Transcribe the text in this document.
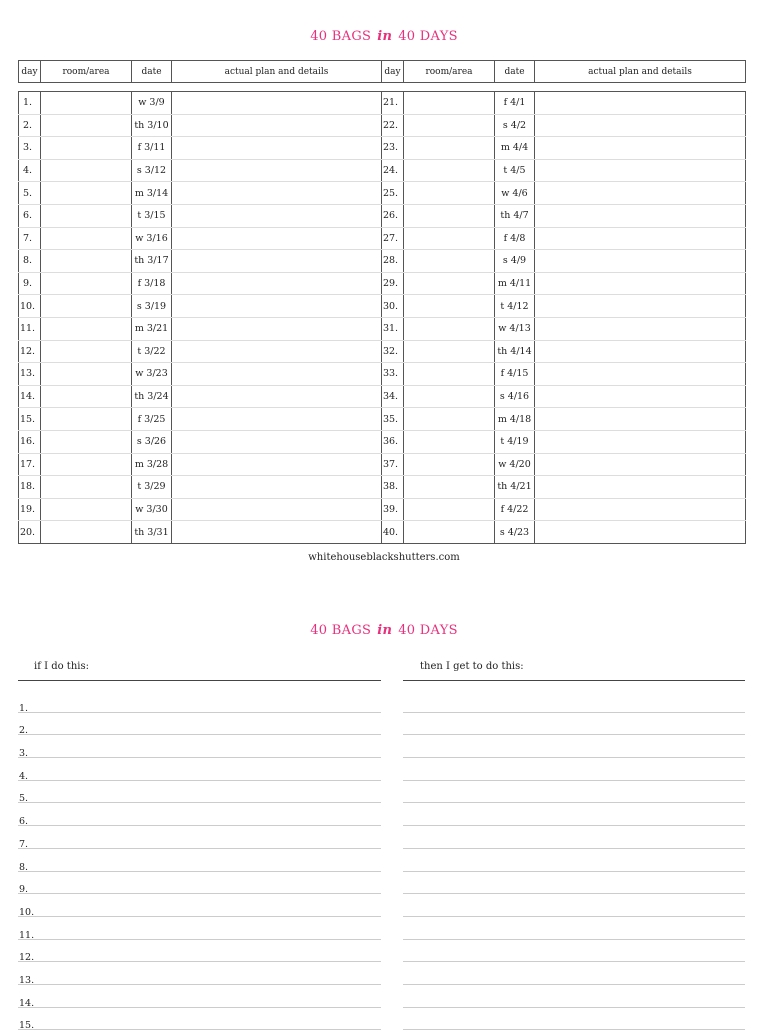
40 BAGS in 40 DAYS
day	room/area	date	actual plan and details	day	room/area	date	actual plan and details
1.		w 3/9		21.		f 4/1	
2.		th 3/10		22.		s 4/2	
3.		f 3/11		23.		m 4/4	
4.		s 3/12		24.		t 4/5	
5.		m 3/14		25.		w 4/6	
6.		t 3/15		26.		th 4/7	
7.		w 3/16		27.		f 4/8	
8.		th 3/17		28.		s 4/9	
9.		f 3/18		29.		m 4/11	
10.		s 3/19		30.		t 4/12	
11.		m 3/21		31.		w 4/13	
12.		t 3/22		32.		th 4/14	
13.		w 3/23		33.		f 4/15	
14.		th 3/24		34.		s 4/16	
15.		f 3/25		35.		m 4/18	
16.		s 3/26		36.		t 4/19	
17.		m 3/28		37.		w 4/20	
18.		t 3/29		38.		th 4/21	
19.		w 3/30		39.		f 4/22	
20.		th 3/31		40.		s 4/23	
whitehouseblackshutters.com
40 BAGS in 40 DAYS
if I do this:	then I get to do this:
1.
2.
3.
4.
5.
6.
7.
8.
9.
10.
11.
12.
13.
14.
15.
